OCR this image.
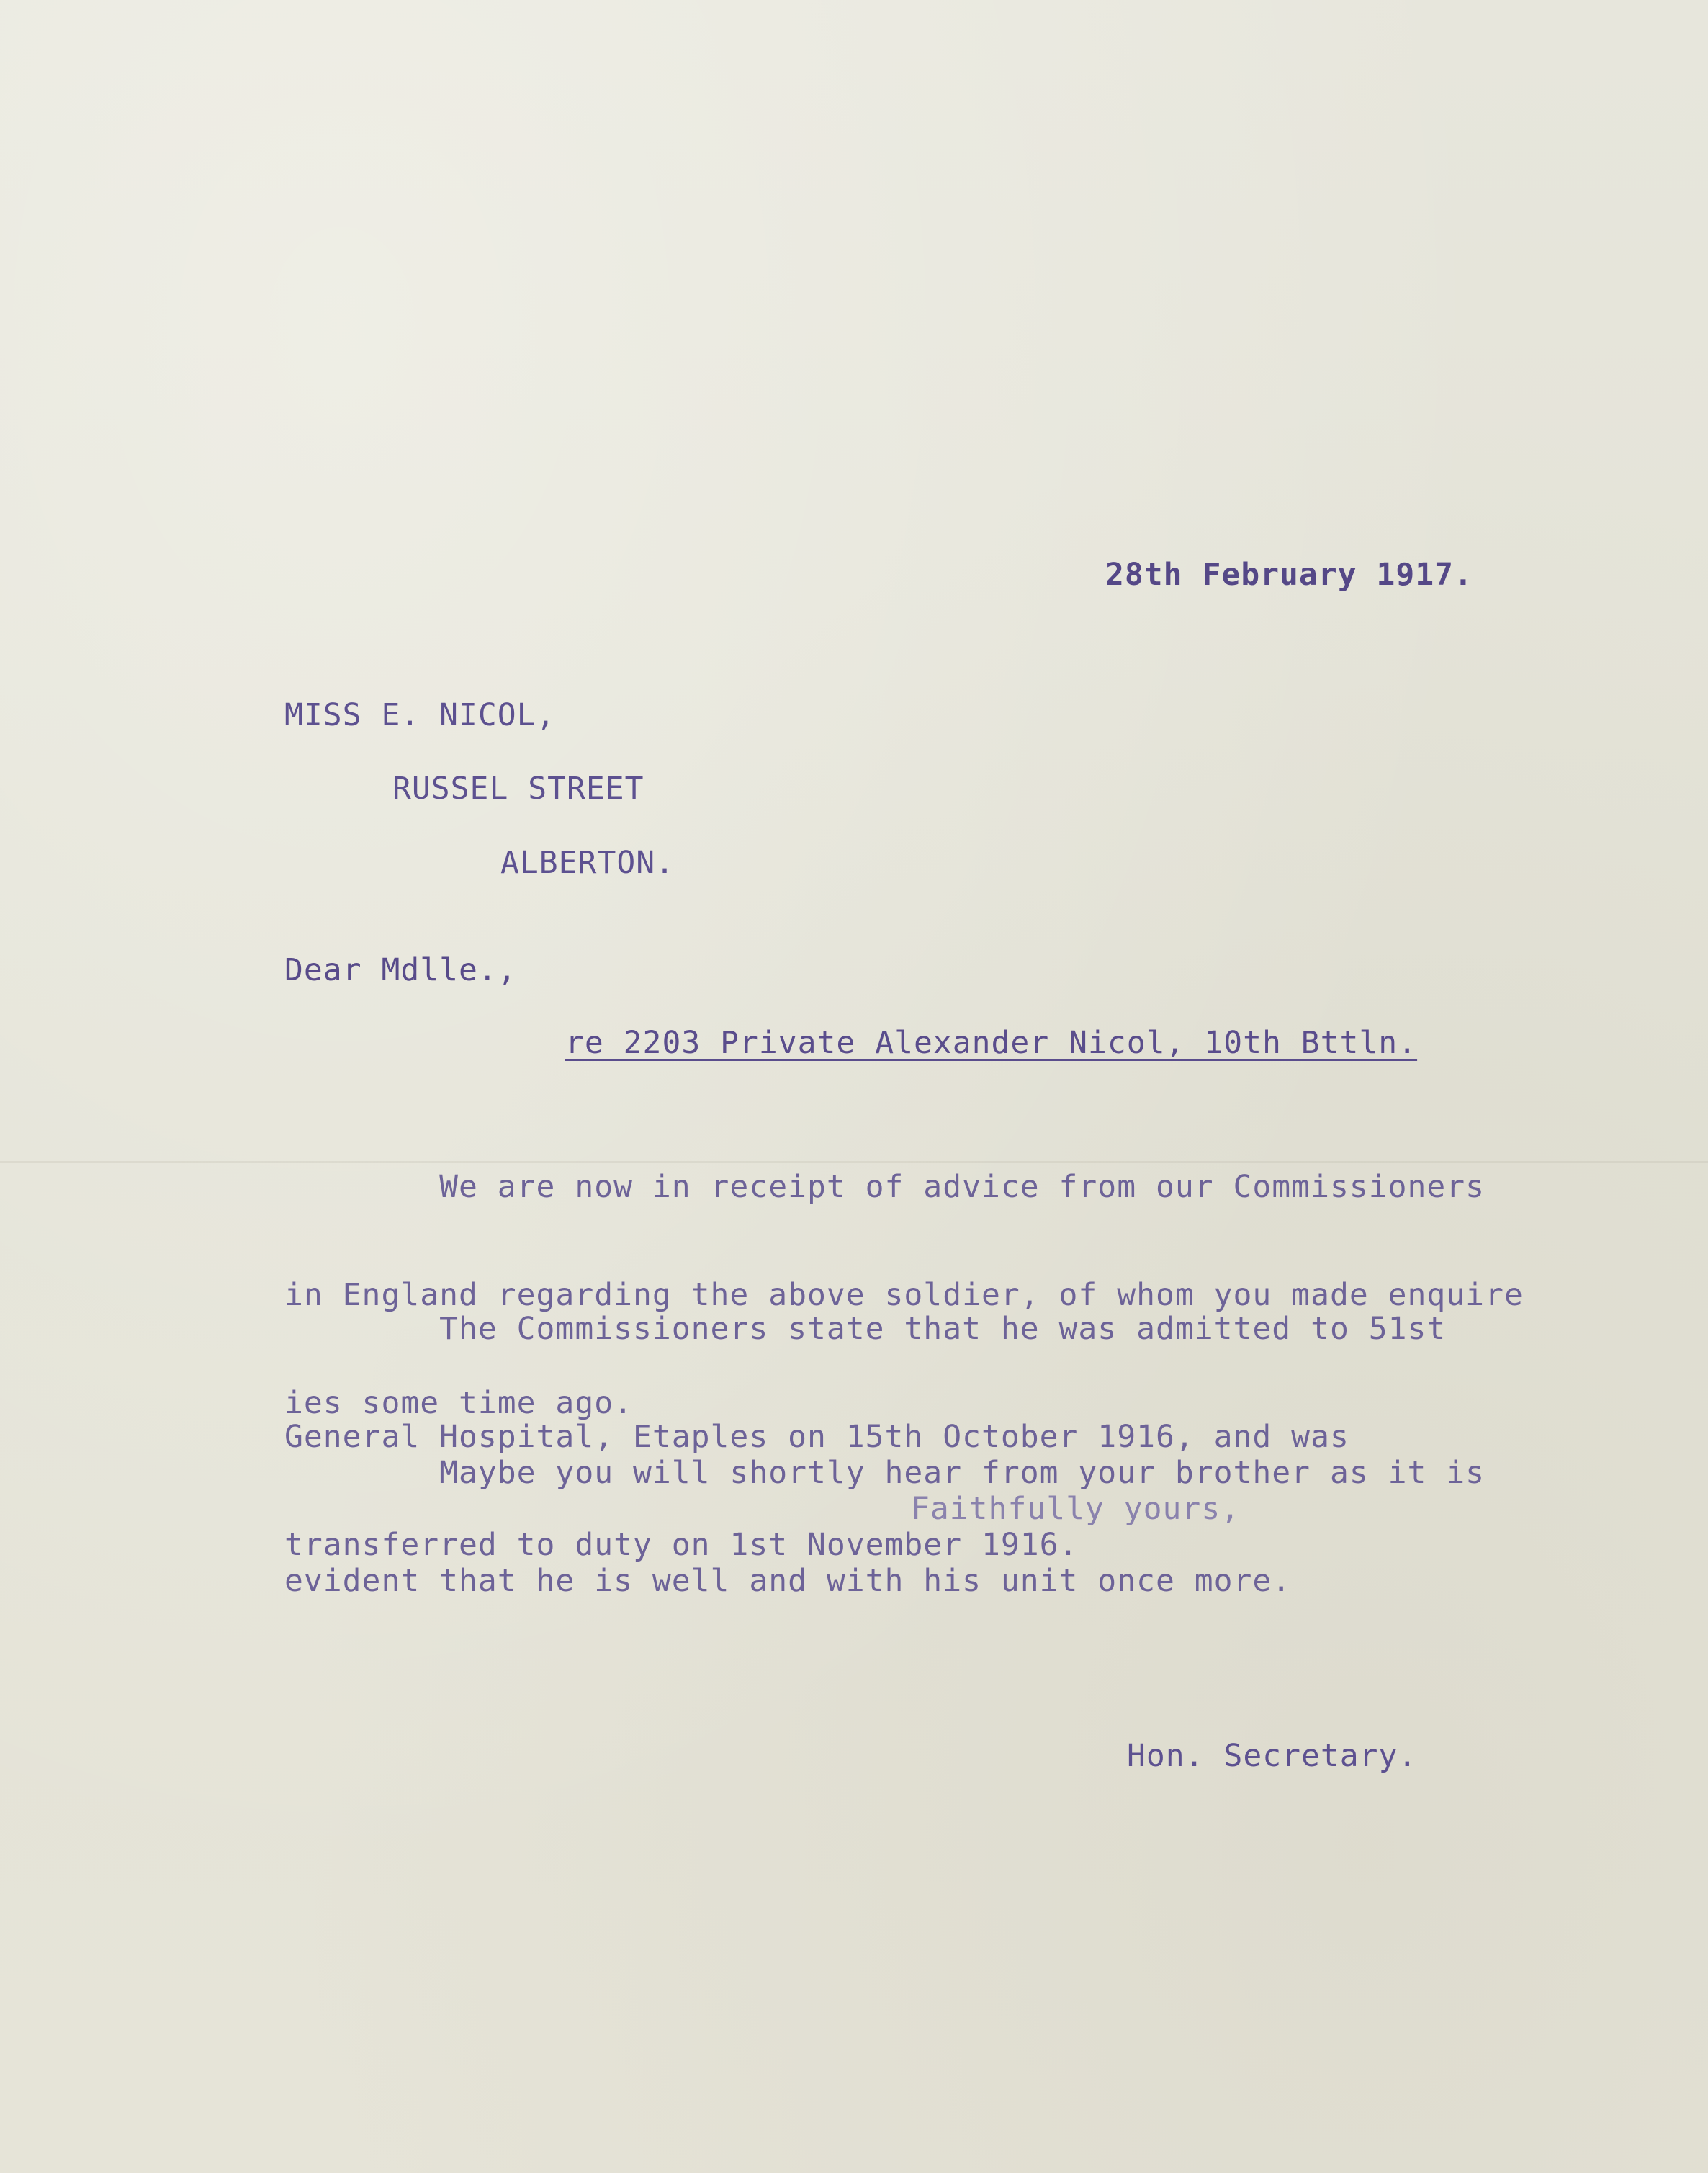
28th February 1917.

MISS E. NICOL,

RUSSEL STREET

ALBERTON.

Dear Mdlle.,

re 2203 Private Alexander Nicol, 10th Bttln.

We are now in receipt of advice from our Commissioners

in England regarding the above soldier, of whom you made enquire

ies some time ago.

The Commissioners state that he was admitted to 51st

General Hospital, Etaples on 15th October 1916, and was

transferred to duty on 1st November 1916.

Maybe you will shortly hear from your brother as it is

evident that he is well and with his unit once more.

Faithfully yours,

Hon. Secretary.
